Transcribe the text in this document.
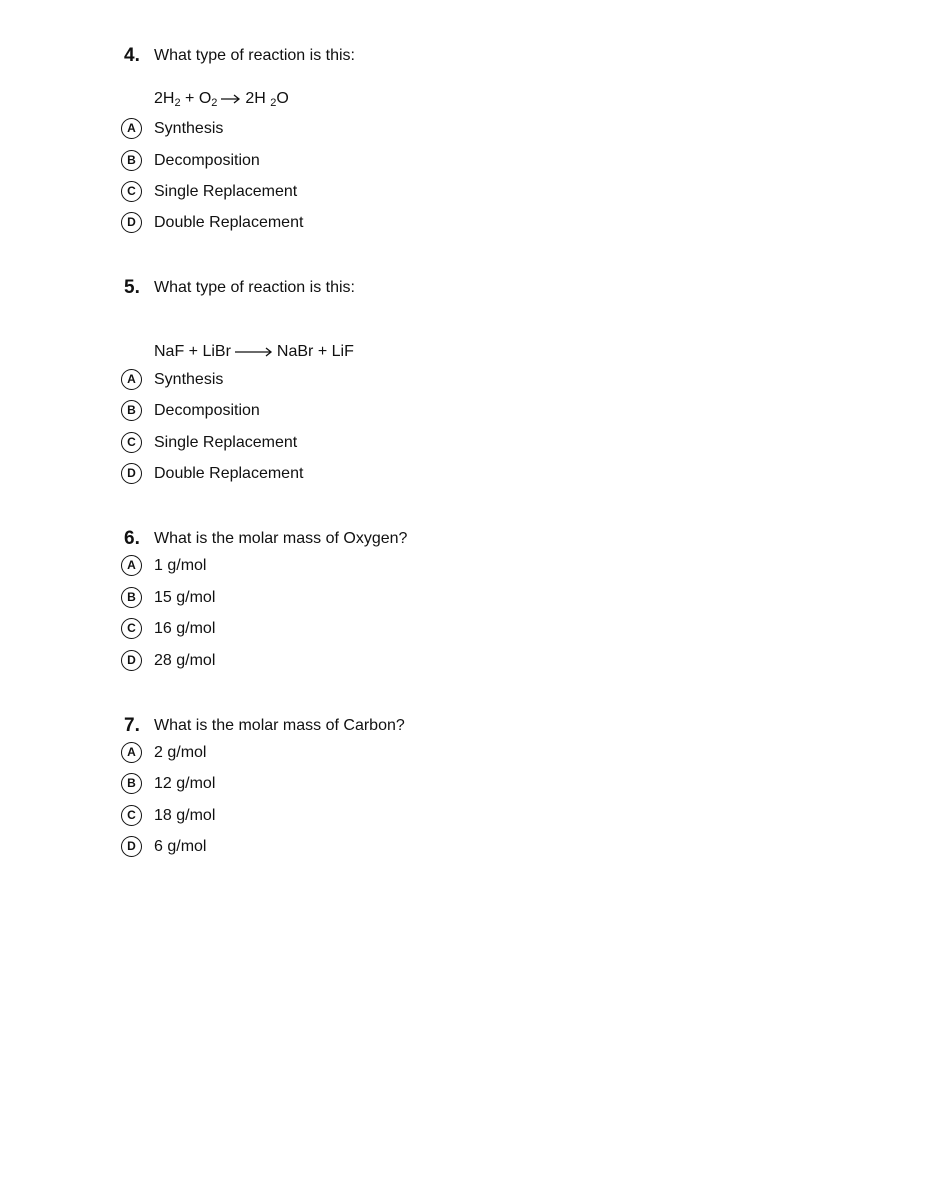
4. What type of reaction is this:
$2H_2 + O_2 \to 2H$ $_2$O
A	Synthesis
B	Decomposition
C	Single Replacement
D	Double Replacement
5. What type of reaction is this:
NaF + LiBr → NaBr + LiF
A	Synthesis
B	Decomposition
C	Single Replacement
D	Double Replacement
6. What is the molar mass of Oxygen?
A	1 g/mol
B	15 g/mol
C	16 g/mol
D	28 g/mol
7. What is the molar mass of Carbon?
A	2 g/mol
B	12 g/mol
C	18 g/mol
D	6 g/mol
